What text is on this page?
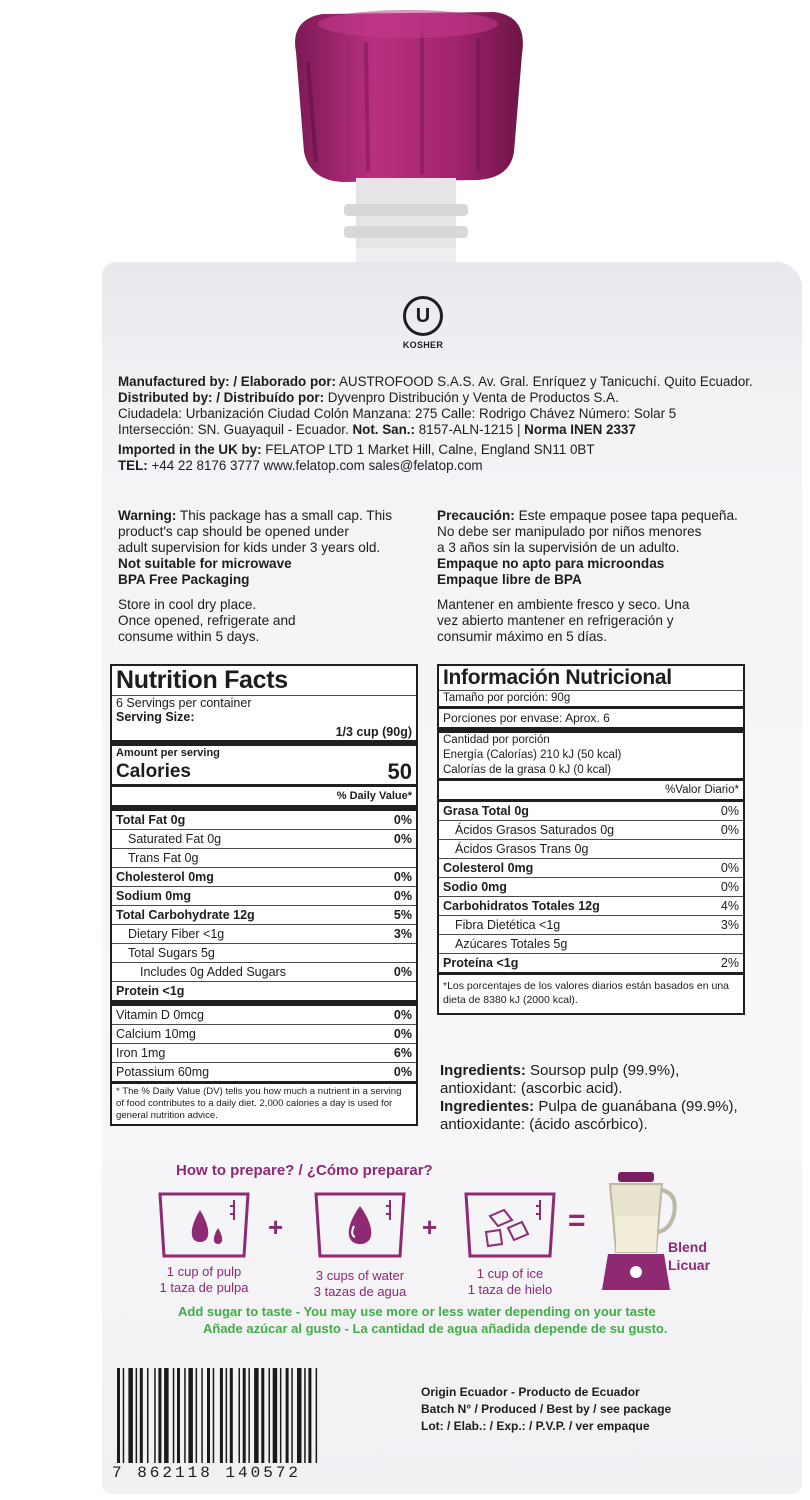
U
KOSHER
Manufactured by: / Elaborado por: AUSTROFOOD S.A.S. Av. Gral. Enríquez y Tanicuchí. Quito Ecuador.
Distributed by: / Distribuído por: Dyvenpro Distribución y Venta de Productos S.A.
Ciudadela: Urbanización Ciudad Colón Manzana: 275 Calle: Rodrigo Chávez Número: Solar 5
Intersección: SN. Guayaquil - Ecuador. Not. San.: 8157-ALN-1215 | Norma INEN 2337
Imported in the UK by: FELATOP LTD 1 Market Hill, Calne, England SN11 0BT
TEL: +44 22 8176 3777 www.felatop.com sales@felatop.com
Warning: This package has a small cap. This
product's cap should be opened under
adult supervision for kids under 3 years old.
Not suitable for microwave
BPA Free Packaging
Store in cool dry place.
Once opened, refrigerate and
consume within 5 days.
Precaución: Este empaque posee tapa pequeña.
No debe ser manipulado por niños menores
a 3 años sin la supervisión de un adulto.
Empaque no apto para microondas
Empaque libre de BPA
Mantener en ambiente fresco y seco. Una
vez abierto mantener en refrigeración y
consumir máximo en 5 días.
Nutrition Facts
6 Servings per container
Serving Size:
1/3 cup (90g)
Amount per serving
Calories	50
% Daily Value*
Total Fat 0g	0%
Saturated Fat 0g	0%
Trans Fat 0g
Cholesterol 0mg	0%
Sodium 0mg	0%
Total Carbohydrate 12g	5%
Dietary Fiber <1g	3%
Total Sugars 5g
Includes 0g Added Sugars	0%
Protein <1g
Vitamin D 0mcg	0%
Calcium 10mg	0%
Iron 1mg	6%
Potassium 60mg	0%
* The % Daily Value (DV) tells you how much a nutrient in a serving of food contributes to a daily diet. 2,000 calories a day is used for general nutrition advice.
Información Nutricional
Tamaño por porción: 90g
Porciones por envase: Aprox. 6
Cantidad por porción
Energía (Calorías) 210 kJ (50 kcal)
Calorías de la grasa 0 kJ (0 kcal)
%Valor Diario*
Grasa Total 0g	0%
Ácidos Grasos Saturados 0g	0%
Ácidos Grasos Trans 0g
Colesterol 0mg	0%
Sodio 0mg	0%
Carbohidratos Totales 12g	4%
Fibra Dietética <1g	3%
Azúcares Totales 5g
Proteína <1g	2%
*Los porcentajes de los valores diarios están basados en una dieta de 8380 kJ (2000 kcal).
Ingredients: Soursop pulp (99.9%),
antioxidant: (ascorbic acid).
Ingredientes: Pulpa de guanábana (99.9%),
antioxidante: (ácido ascórbico).
How to prepare? / ¿Cómo preparar?
+	+	=
Blend
Licuar
1 cup of pulp
1 taza de pulpa
3 cups of water
3 tazas de agua
1 cup of ice
1 taza de hielo
Add sugar to taste - You may use more or less water depending on your taste
Añade azúcar al gusto - La cantidad de agua añadida depende de su gusto.
Origin Ecuador - Producto de Ecuador
Batch N° / Produced / Best by / see package
Lot: / Elab.: / Exp.: / P.V.P. / ver empaque
7 862118 140572
